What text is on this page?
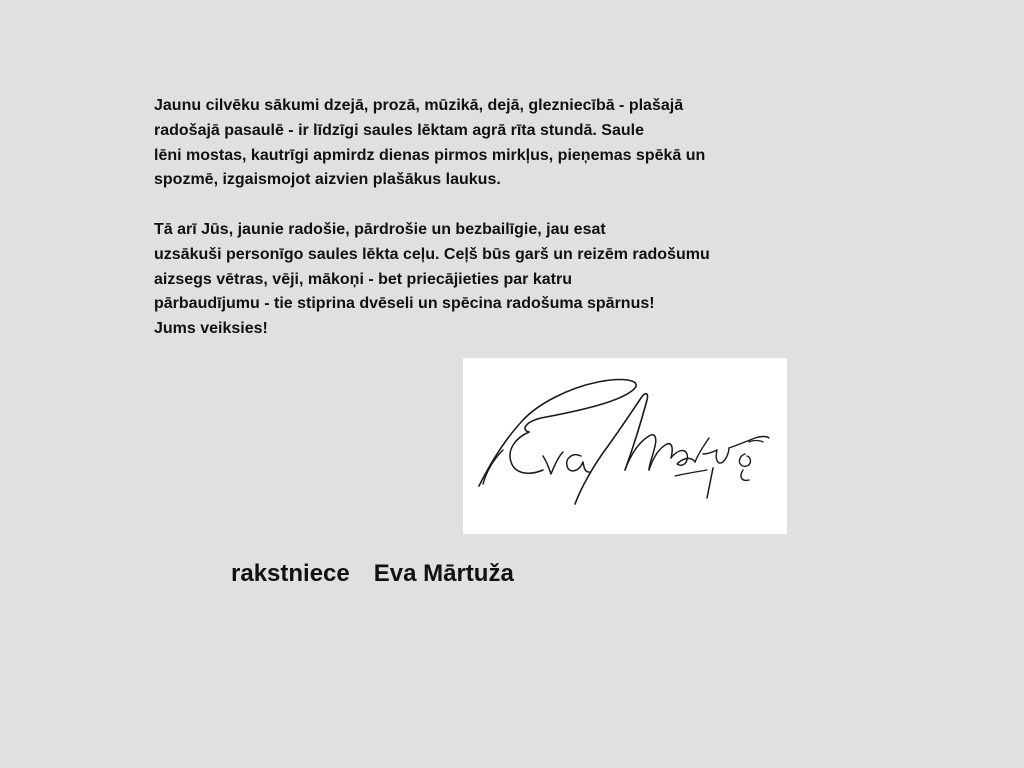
Jaunu cilvēku sākumi dzejā, prozā, mūzikā, dejā, glezniecībā - plašajā

radošajā pasaulē - ir līdzīgi saules lēktam agrā rīta stundā. Saule

lēni mostas, kautrīgi apmirdz dienas pirmos mirkļus, pieņemas spēkā un

spozmē, izgaismojot aizvien plašākus laukus.

Tā arī Jūs, jaunie radošie, pārdrošie un bezbailīgie, jau esat

uzsākuši personīgo saules lēkta ceļu. Ceļš būs garš un reizēm radošumu

aizsegs vētras, vēji, mākoņi - bet priecājieties par katru

pārbaudījumu - tie stiprina dvēseli un spēcina radošuma spārnus!

Jums veiksies!

rakstniece Eva Mārtuža
